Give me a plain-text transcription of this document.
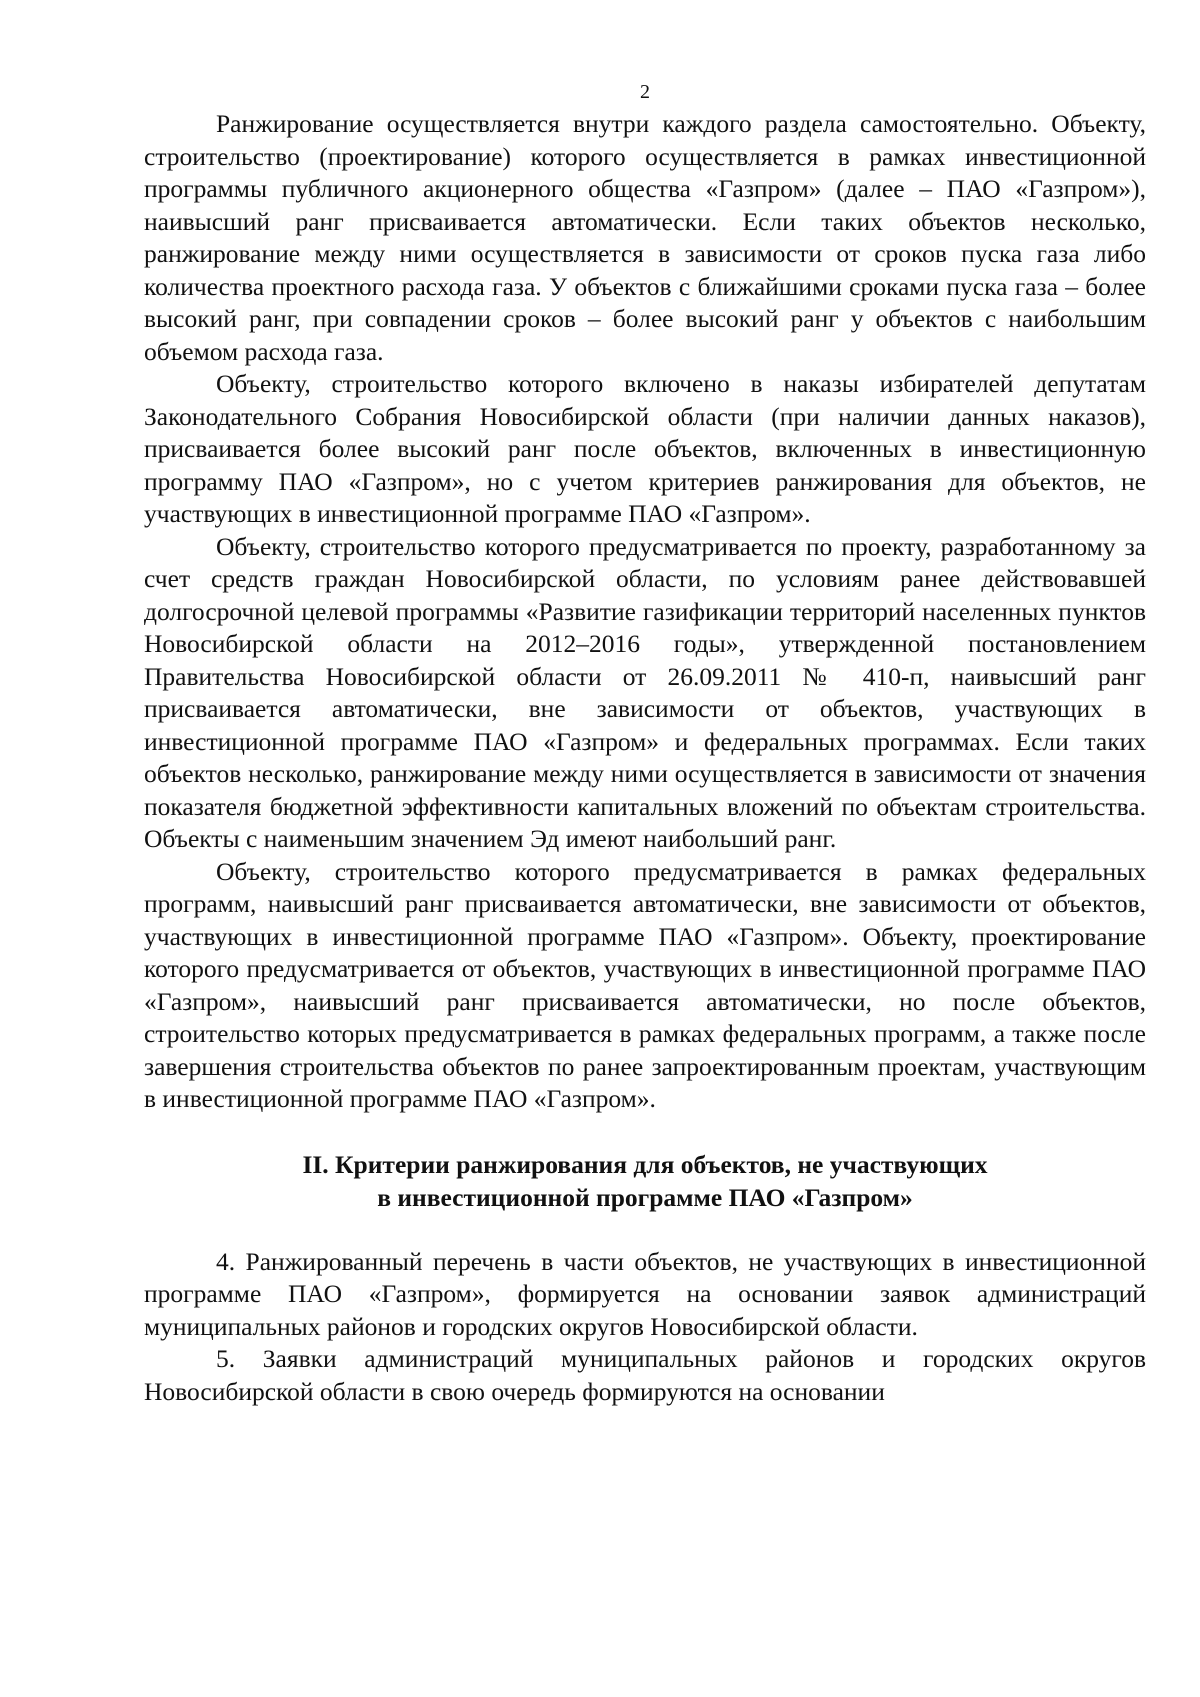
2

Ранжирование осуществляется внутри каждого раздела самостоятельно. Объекту, строительство (проектирование) которого осуществляется в рамках инвестиционной программы публичного акционерного общества «Газпром» (далее – ПАО «Газпром»), наивысший ранг присваивается автоматически. Если таких объектов несколько, ранжирование между ними осуществляется в зависимости от сроков пуска газа либо количества проектного расхода газа. У объектов с ближайшими сроками пуска газа – более высокий ранг, при совпадении сроков – более высокий ранг у объектов с наибольшим объемом расхода газа.

Объекту, строительство которого включено в наказы избирателей депутатам Законодательного Собрания Новосибирской области (при наличии данных наказов), присваивается более высокий ранг после объектов, включенных в инвестиционную программу ПАО «Газпром», но с учетом критериев ранжирования для объектов, не участвующих в инвестиционной программе ПАО «Газпром».

Объекту, строительство которого предусматривается по проекту, разработанному за счет средств граждан Новосибирской области, по условиям ранее действовавшей долгосрочной целевой программы «Развитие газификации территорий населенных пунктов Новосибирской области на 2012–2016 годы», утвержденной постановлением Правительства Новосибирской области от 26.09.2011 № 410-п, наивысший ранг присваивается автоматически, вне зависимости от объектов, участвующих в инвестиционной программе ПАО «Газпром» и федеральных программах. Если таких объектов несколько, ранжирование между ними осуществляется в зависимости от значения показателя бюджетной эффективности капитальных вложений по объектам строительства. Объекты с наименьшим значением Эд имеют наибольший ранг.

Объекту, строительство которого предусматривается в рамках федеральных программ, наивысший ранг присваивается автоматически, вне зависимости от объектов, участвующих в инвестиционной программе ПАО «Газпром». Объекту, проектирование которого предусматривается от объектов, участвующих в инвестиционной программе ПАО «Газпром», наивысший ранг присваивается автоматически, но после объектов, строительство которых предусматривается в рамках федеральных программ, а также после завершения строительства объектов по ранее запроектированным проектам, участвующим в инвестиционной программе ПАО «Газпром».

II. Критерии ранжирования для объектов, не участвующих

в инвестиционной программе ПАО «Газпром»

4. Ранжированный перечень в части объектов, не участвующих в инвестиционной программе ПАО «Газпром», формируется на основании заявок администраций муниципальных районов и городских округов Новосибирской области.

5. Заявки администраций муниципальных районов и городских округов Новосибирской области в свою очередь формируются на основании
